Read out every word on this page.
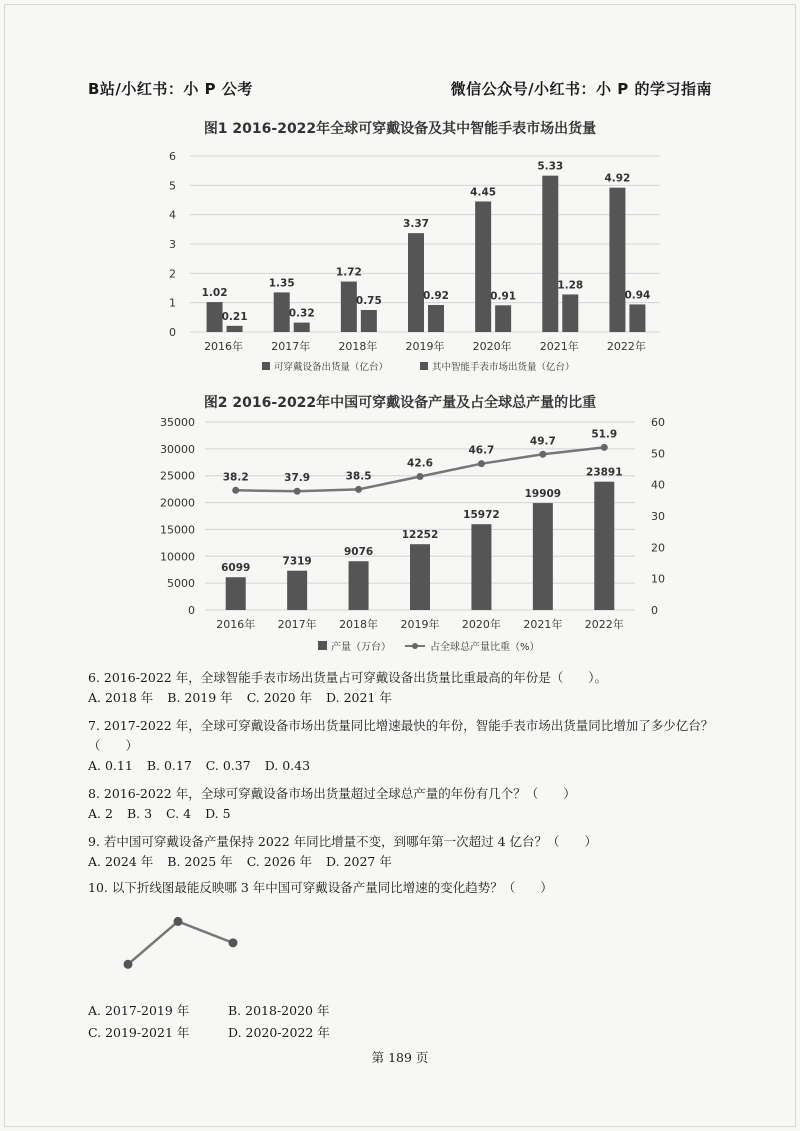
B站/小红书：小 P 公考	微信公众号/小红书：小 P 的学习指南
图1 2016-2022年全球可穿戴设备及其中智能手表市场出货量
0
1
2
3
4
5
6
1.02
0.21
2016年
1.35
0.32
2017年
1.72
0.75
2018年
3.37
0.92
2019年
4.45
0.91
2020年
5.33
1.28
2021年
4.92
0.94
2022年
可穿戴设备出货量（亿台）	其中智能手表市场出货量（亿台）
图2 2016-2022年中国可穿戴设备产量及占全球总产量的比重
0
5000
10000
15000
20000
25000
30000
35000
0
10
20
30
40
50
60
6099
2016年
7319
2017年
9076
2018年
12252
2019年
15972
2020年
19909
2021年
23891
2022年
38.2	37.9	38.5
42.6
46.7
49.7
51.9
产量（万台）	占全球总产量比重（%）
6. 2016-2022 年，全球智能手表市场出货量占可穿戴设备出货量比重最高的年份是（　　）。
A. 2018 年 B. 2019 年 C. 2020 年 D. 2021 年
7. 2017-2022 年，全球可穿戴设备市场出货量同比增速最快的年份，智能手表市场出货量同比增加了多少亿台？（　　）
A. 0.11 B. 0.17 C. 0.37 D. 0.43
8. 2016-2022 年，全球可穿戴设备市场出货量超过全球总产量的年份有几个？（　　）
A. 2 B. 3 C. 4 D. 5
9. 若中国可穿戴设备产量保持 2022 年同比增量不变，到哪年第一次超过 4 亿台？（　　）
A. 2024 年 B. 2025 年 C. 2026 年 D. 2027 年
10. 以下折线图最能反映哪 3 年中国可穿戴设备产量同比增速的变化趋势？（　　）
A. 2017-2019 年	B. 2018-2020 年
C. 2019-2021 年	D. 2020-2022 年
第 189 页
